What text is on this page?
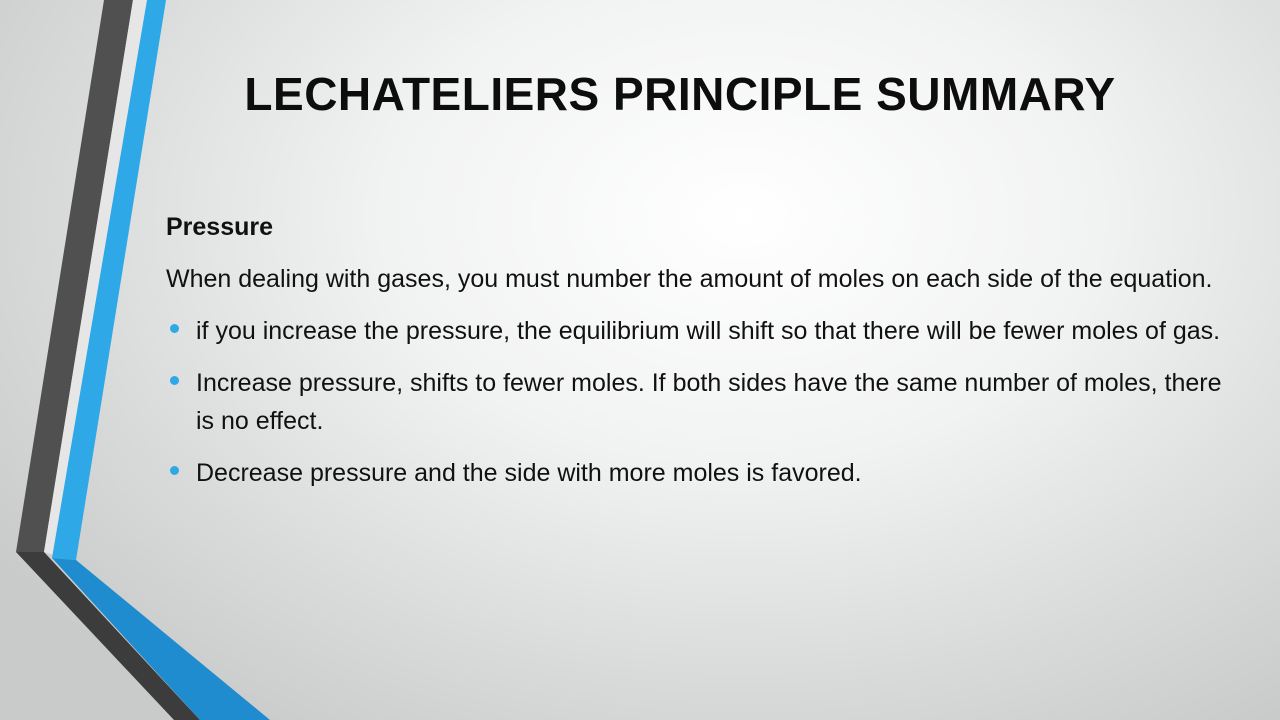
LECHATELIERS PRINCIPLE SUMMARY
Pressure
When dealing with gases, you must number the amount of moles on each side of the equation.
if you increase the pressure, the equilibrium will shift so that there will be fewer moles of gas.
Increase pressure, shifts to fewer moles. If both sides have the same number of moles, there is no effect.
Decrease pressure and the side with more moles is favored.
